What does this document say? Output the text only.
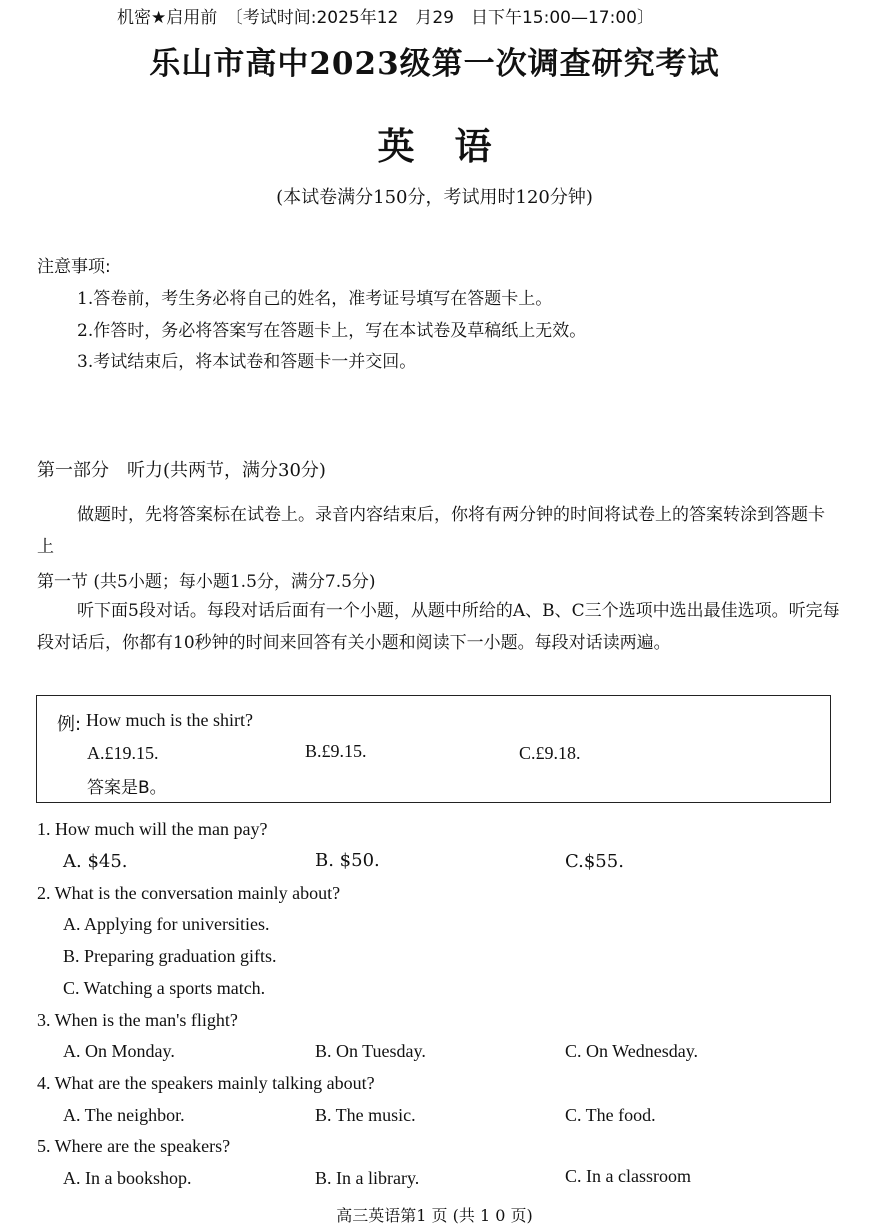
机密★启用前　〔考试时间:2025年12　月29　日下午15:00—17:00〕
乐山市高中2023级第一次调查研究考试
英语
(本试卷满分150分，考试用时120分钟)
注意事项:
1.答卷前，考生务必将自己的姓名，准考证号填写在答题卡上。
2.作答时，务必将答案写在答题卡上，写在本试卷及草稿纸上无效。
3.考试结束后，将本试卷和答题卡一并交回。
第一部分　听力(共两节，满分30分)
做题时，先将答案标在试卷上。录音内容结束后，你将有两分钟的时间将试卷上的答案转涂到答题卡上
第一节 (共5小题；每小题1.5分，满分7.5分)
听下面5段对话。每段对话后面有一个小题，从题中所给的A、B、C三个选项中选出最佳选项。听完每段对话后，你都有10秒钟的时间来回答有关小题和阅读下一小题。每段对话读两遍。
例: How much is the shirt?
A.£19.15.	B.£9.15.	C.£9.18.
答案是B。
1. How much will the man pay?
A. $45.	B. $50.	C.$55.
2. What is the conversation mainly about?
A. Applying for universities.
B. Preparing graduation gifts.
C. Watching a sports match.
3. When is the man's flight?
A. On Monday.	B. On Tuesday.	C. On Wednesday.
4. What are the speakers mainly talking about?
A. The neighbor.	B. The music.	C. The food.
5. Where are the speakers?
A. In a bookshop.	B. In a library.	C. In a classroom
高三英语第1 页 (共 1 0 页)
